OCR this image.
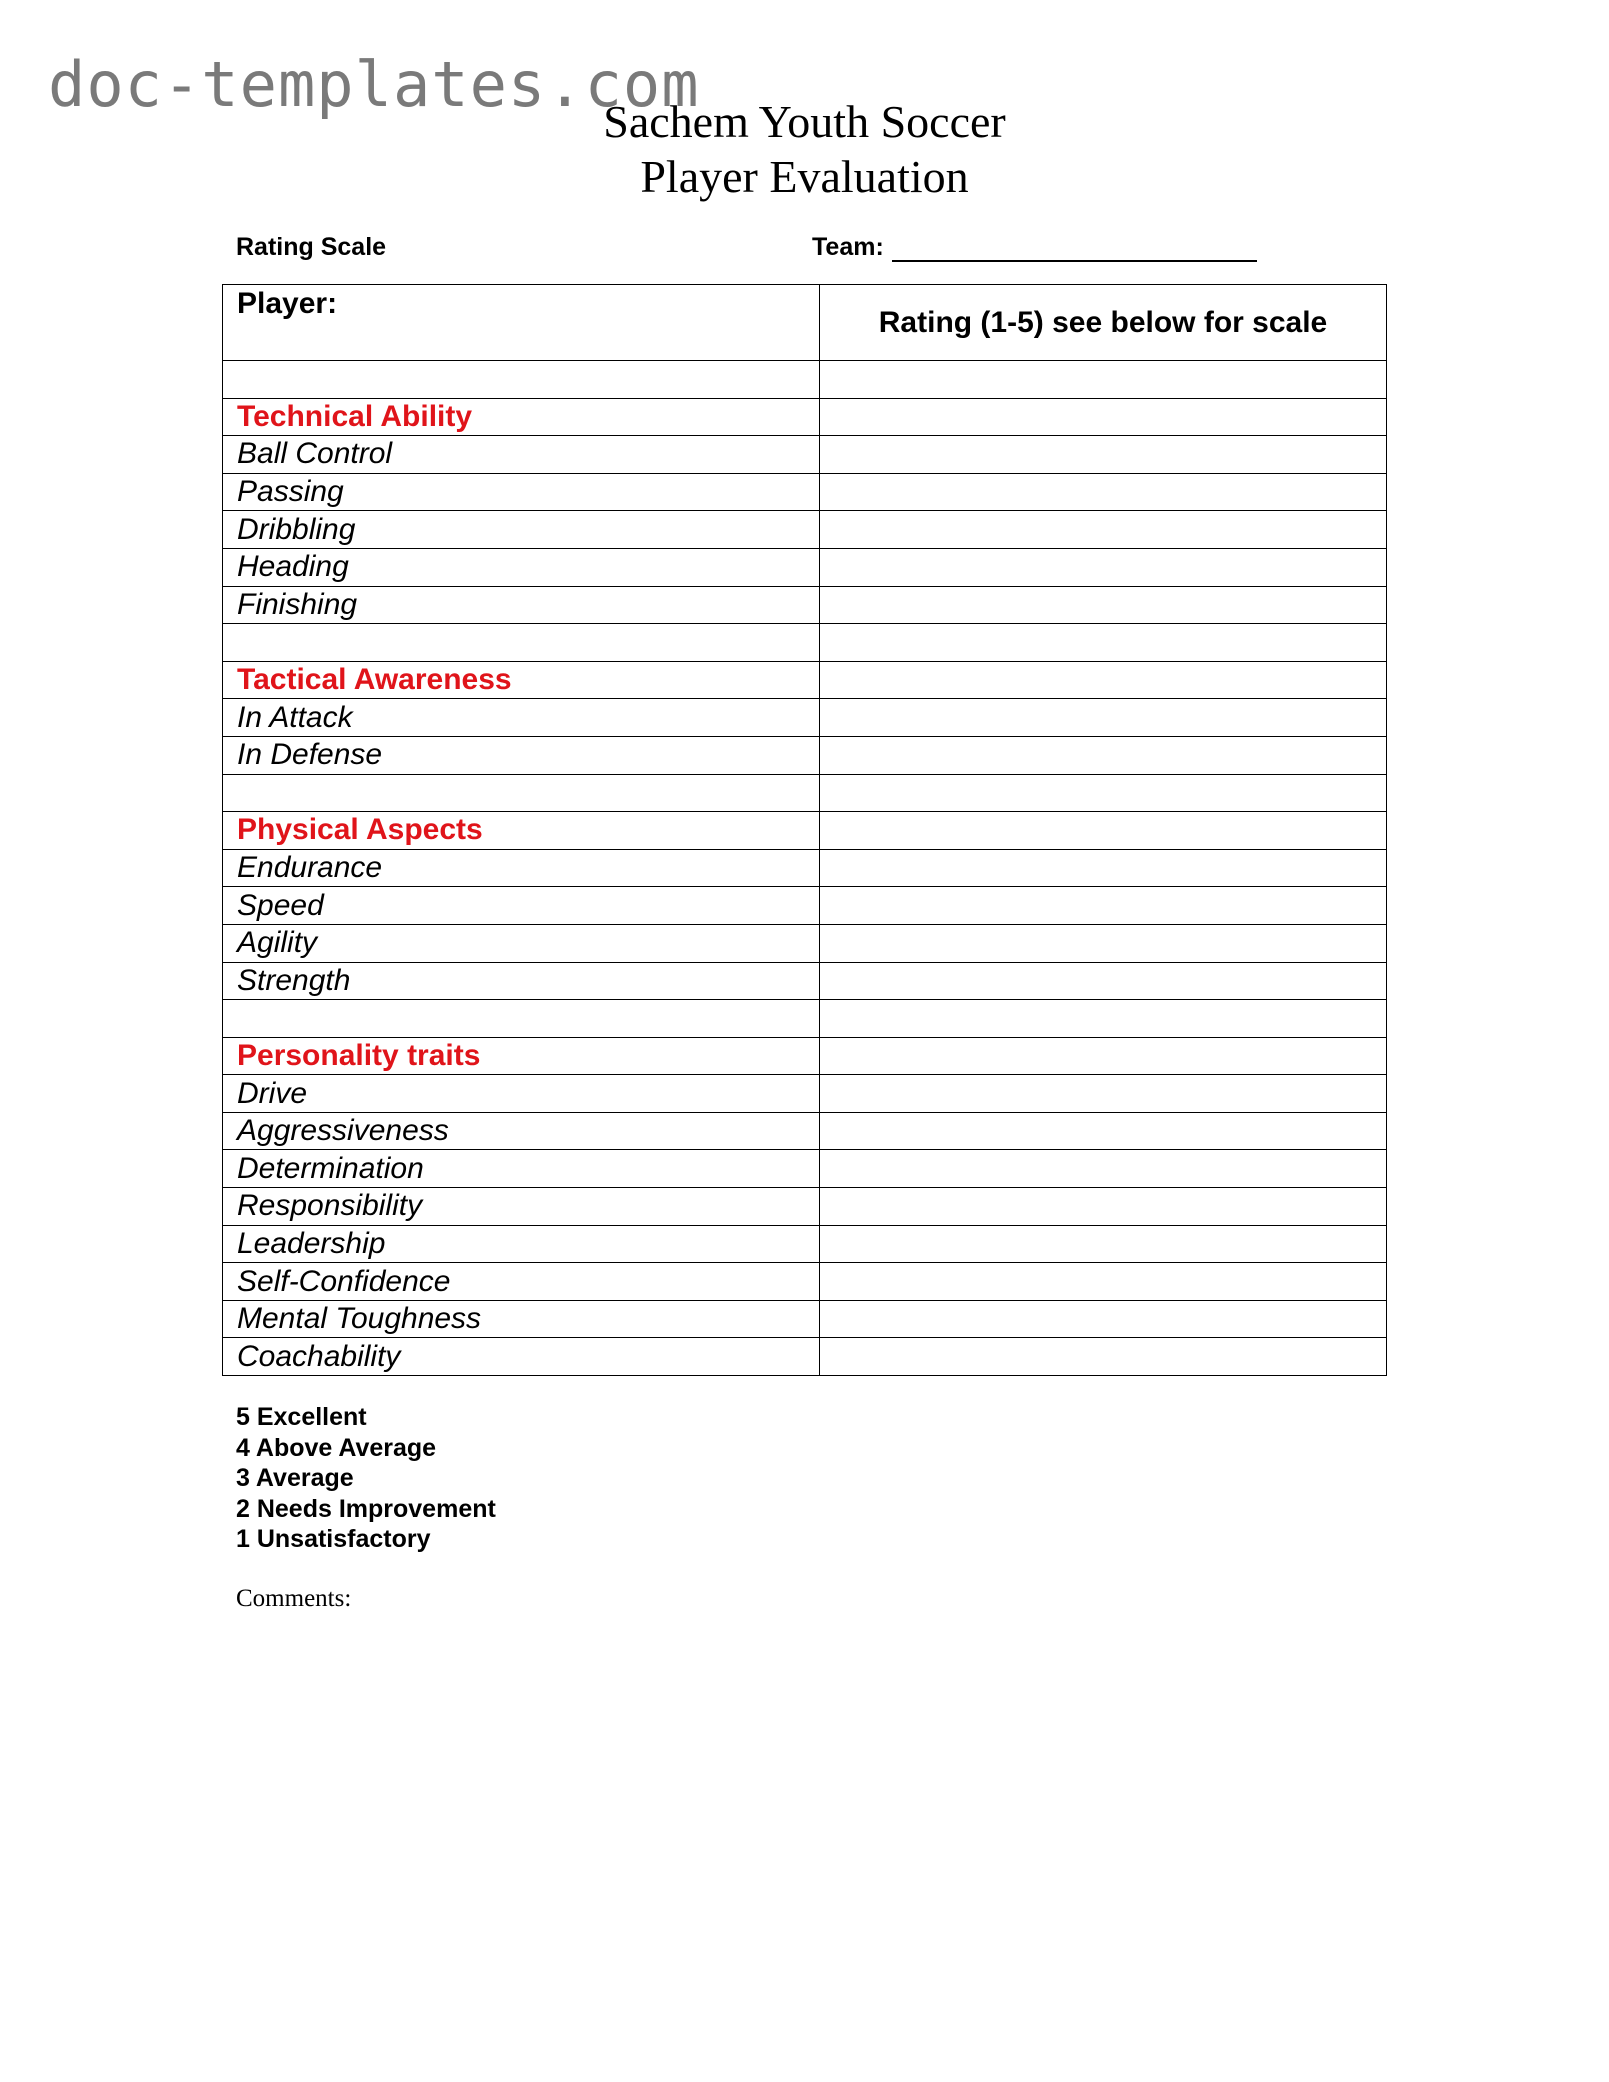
doc-templates.com
Sachem Youth Soccer
Player Evaluation
Rating Scale	Team:
Player:	Rating (1-5) see below for scale

Technical Ability	
Ball Control	
Passing	
Dribbling	
Heading	
Finishing	

Tactical Awareness	
In Attack	
In Defense	

Physical Aspects	
Endurance	
Speed	
Agility	
Strength	

Personality traits	
Drive	
Aggressiveness	
Determination	
Responsibility	
Leadership	
Self-Confidence	
Mental Toughness	
Coachability	
5 Excellent
4 Above Average
3 Average
2 Needs Improvement
1 Unsatisfactory
Comments:
